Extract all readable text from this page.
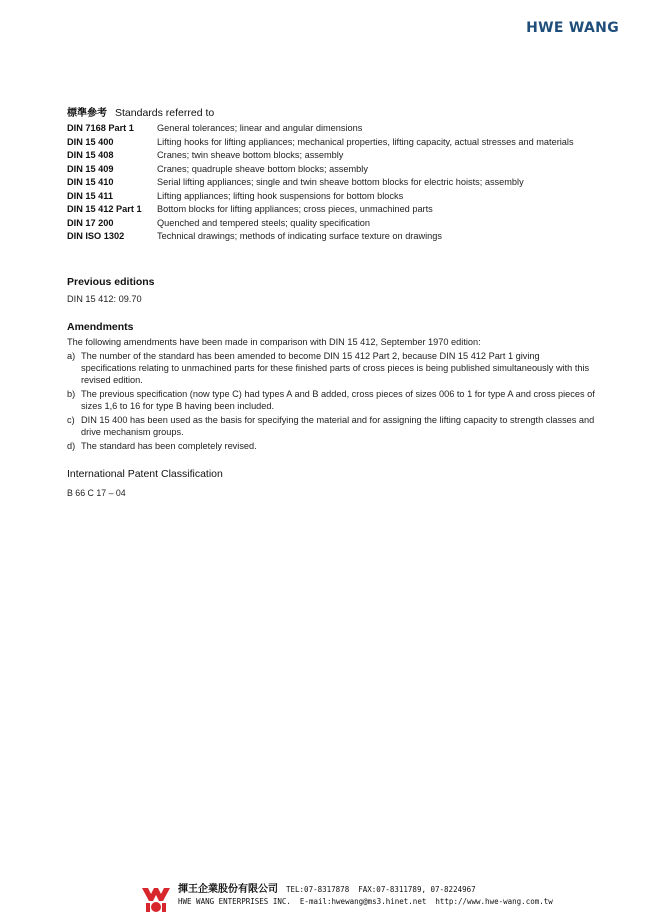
HWE WANG
標準參考 Standards referred to
DIN 7168 Part 1	General tolerances; linear and angular dimensions
DIN 15 400	Lifting hooks for lifting appliances; mechanical properties, lifting capacity, actual stresses and materials
DIN 15 408	Cranes; twin sheave bottom blocks; assembly
DIN 15 409	Cranes; quadruple sheave bottom blocks; assembly
DIN 15 410	Serial lifting appliances; single and twin sheave bottom blocks for electric hoists; assembly
DIN 15 411	Lifting appliances; lifting hook suspensions for bottom blocks
DIN 15 412 Part 1	Bottom blocks for lifting appliances; cross pieces, unmachined parts
DIN 17 200	Quenched and tempered steels; quality specification
DIN ISO 1302	Technical drawings; methods of indicating surface texture on drawings
Previous editions
DIN 15 412: 09.70
Amendments
The following amendments have been made in comparison with DIN 15 412, September 1970 edition:
a) The number of the standard has been amended to become DIN 15 412 Part 2, because DIN 15 412 Part 1 giving specifications relating to unmachined parts for these finished parts of cross pieces is being published simultaneously with this revised edition.
b) The previous specification (now type C) had types A and B added, cross pieces of sizes 006 to 1 for type A and cross pieces of sizes 1,6 to 16 for type B having been included.
c) DIN 15 400 has been used as the basis for specifying the material and for assigning the lifting capacity to strength classes and drive mechanism groups.
d) The standard has been completely revised.
International Patent Classification
B 66 C 17 – 04
揮王企業股份有限公司 TEL:07-8317878
FAX:07-8311789, 07-8224967
HWE WANG ENTERPRISES INC.
E-mail:hwewang@ms3.hinet.net
http://www.hwe-wang.com.tw
